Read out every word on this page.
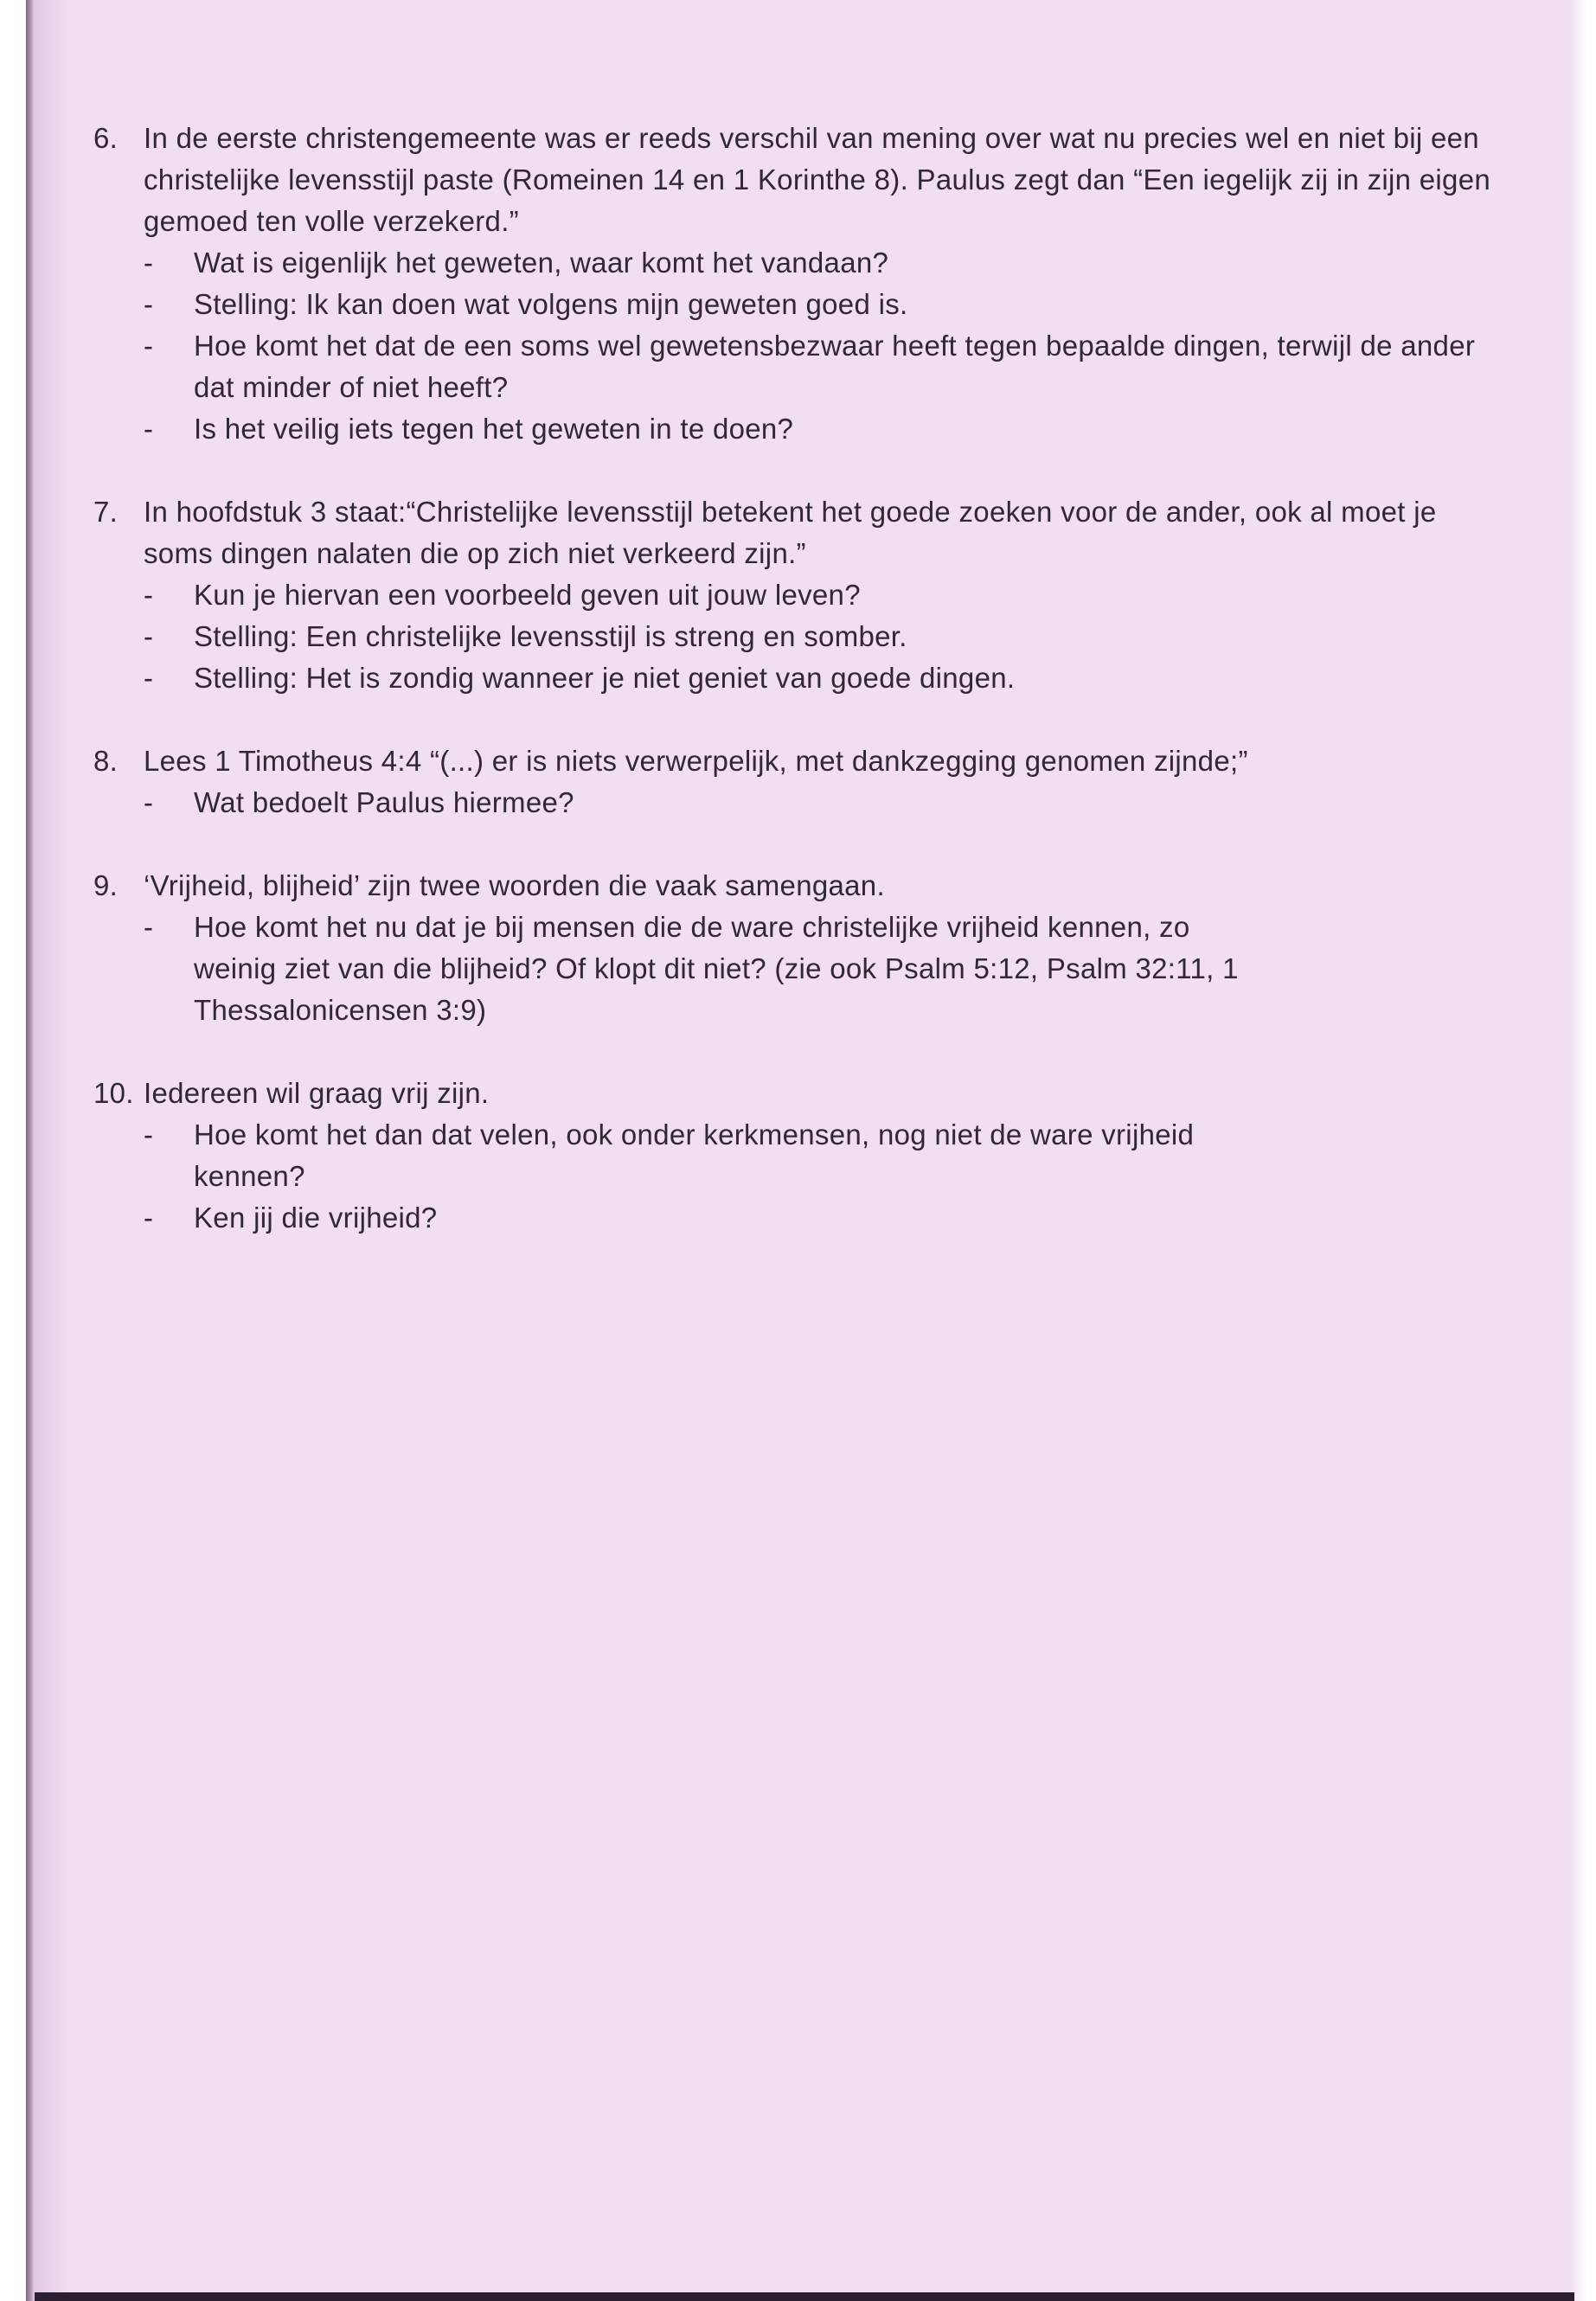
6. In de eerste christengemeente was er reeds verschil van mening over wat nu precies wel en niet bij een christelijke levensstijl paste (Romeinen 14 en 1 Korinthe 8). Paulus zegt dan “Een iegelijk zij in zijn eigen gemoed ten volle verzekerd.”
- Wat is eigenlijk het geweten, waar komt het vandaan?
- Stelling: Ik kan doen wat volgens mijn geweten goed is.
- Hoe komt het dat de een soms wel gewetensbezwaar heeft tegen bepaalde dingen, terwijl de ander dat minder of niet heeft?
- Is het veilig iets tegen het geweten in te doen?
7. In hoofdstuk 3 staat:“Christelijke levensstijl betekent het goede zoeken voor de ander, ook al moet je soms dingen nalaten die op zich niet verkeerd zijn.”
- Kun je hiervan een voorbeeld geven uit jouw leven?
- Stelling: Een christelijke levensstijl is streng en somber.
- Stelling: Het is zondig wanneer je niet geniet van goede dingen.
8. Lees 1 Timotheus 4:4 “(...) er is niets verwerpelijk, met dankzegging genomen zijnde;”
- Wat bedoelt Paulus hiermee?
9. ‘Vrijheid, blijheid’ zijn twee woorden die vaak samengaan.
- Hoe komt het nu dat je bij mensen die de ware christelijke vrijheid kennen, zo weinig ziet van die blijheid? Of klopt dit niet? (zie ook Psalm 5:12, Psalm 32:11, 1 Thessalonicensen 3:9)
10. Iedereen wil graag vrij zijn.
- Hoe komt het dan dat velen, ook onder kerkmensen, nog niet de ware vrijheid kennen?
- Ken jij die vrijheid?
